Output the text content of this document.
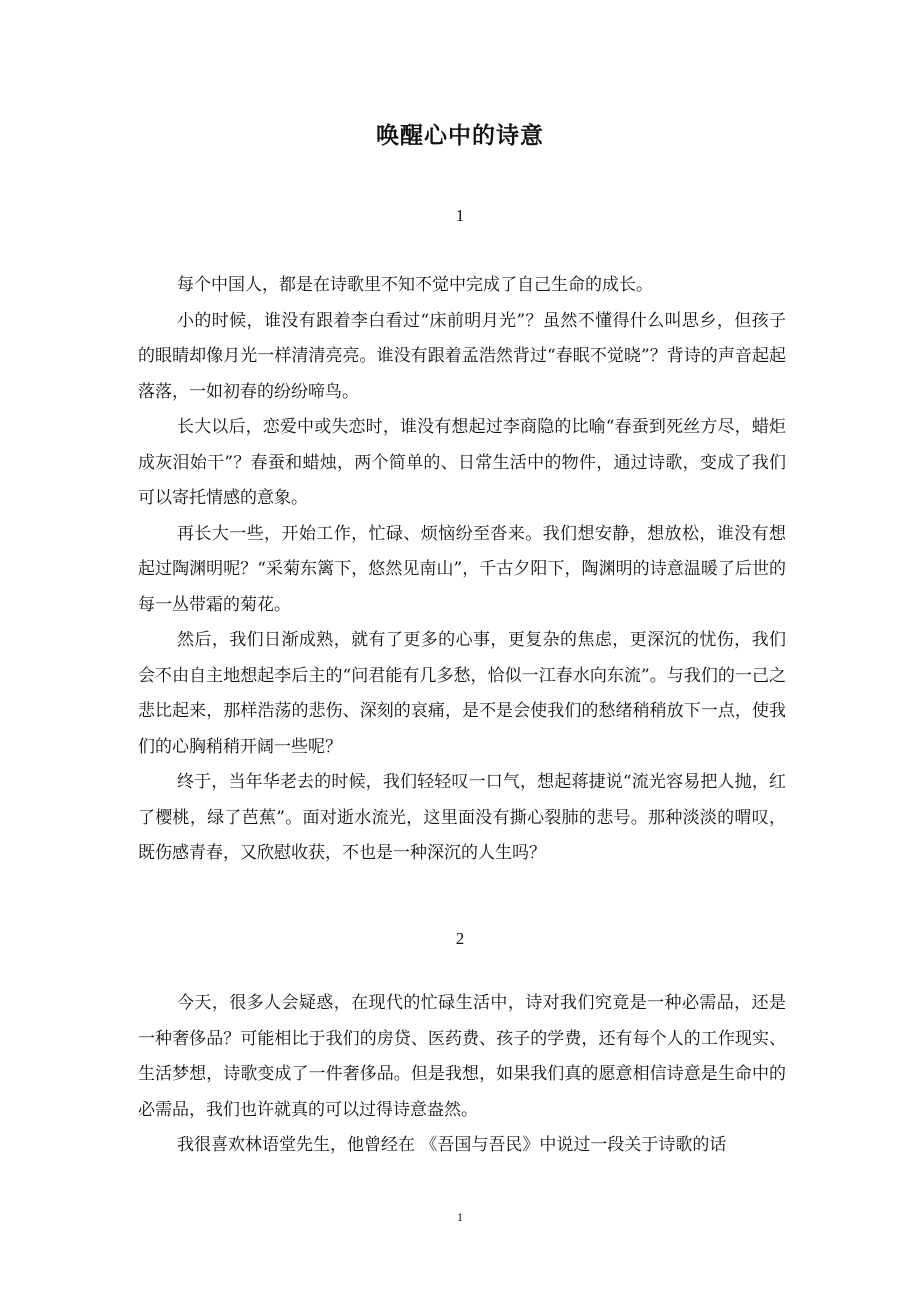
唤醒心中的诗意
1

每个中国人，都是在诗歌里不知不觉中完成了自己生命的成长。

小的时候，谁没有跟着李白看过“床前明月光”？虽然不懂得什么叫思乡，但孩子的眼睛却像月光一样清清亮亮。谁没有跟着孟浩然背过“春眠不觉晓”？背诗的声音起起落落，一如初春的纷纷啼鸟。

长大以后，恋爱中或失恋时，谁没有想起过李商隐的比喻“春蚕到死丝方尽，蜡炬成灰泪始干”？春蚕和蜡烛，两个简单的、日常生活中的物件，通过诗歌，变成了我们可以寄托情感的意象。

再长大一些，开始工作，忙碌、烦恼纷至沓来。我们想安静，想放松，谁没有想起过陶渊明呢？“采菊东篱下，悠然见南山”，千古夕阳下，陶渊明的诗意温暖了后世的每一丛带霜的菊花。

然后，我们日渐成熟，就有了更多的心事，更复杂的焦虑，更深沉的忧伤，我们会不由自主地想起李后主的“问君能有几多愁，恰似一江春水向东流”。与我们的一己之悲比起来，那样浩荡的悲伤、深刻的哀痛，是不是会使我们的愁绪稍稍放下一点，使我们的心胸稍稍开阔一些呢？

终于，当年华老去的时候，我们轻轻叹一口气，想起蒋捷说“流光容易把人抛，红了樱桃，绿了芭蕉”。面对逝水流光，这里面没有撕心裂肺的悲号。那种淡淡的喟叹，既伤感青春，又欣慰收获，不也是一种深沉的人生吗？

2

今天，很多人会疑惑，在现代的忙碌生活中，诗对我们究竟是一种必需品，还是一种奢侈品？可能相比于我们的房贷、医药费、孩子的学费，还有每个人的工作现实、生活梦想，诗歌变成了一件奢侈品。但是我想，如果我们真的愿意相信诗意是生命中的必需品，我们也许就真的可以过得诗意盎然。

我很喜欢林语堂先生，他曾经在 《吾国与吾民》中说过一段关于诗歌的话

1
